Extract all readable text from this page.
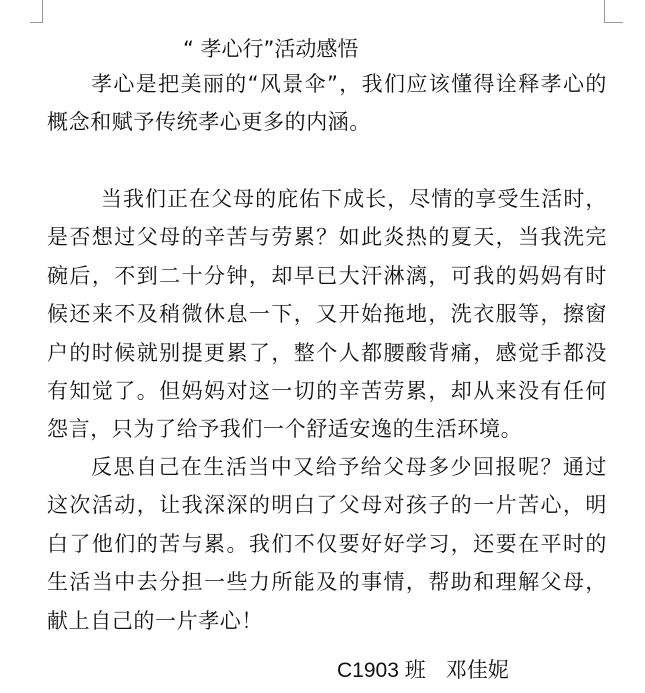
“ 孝心行”活动感悟
孝心是把美丽的“风景伞”，我们应该懂得诠释孝心的概念和赋予传统孝心更多的内涵。
当我们正在父母的庇佑下成长，尽情的享受生活时，是否想过父母的辛苦与劳累？如此炎热的夏天，当我洗完碗后，不到二十分钟，却早已大汗淋漓，可我的妈妈有时候还来不及稍微休息一下，又开始拖地，洗衣服等，擦窗户的时候就别提更累了，整个人都腰酸背痛，感觉手都没有知觉了。但妈妈对这一切的辛苦劳累，却从来没有任何怨言，只为了给予我们一个舒适安逸的生活环境。
反思自己在生活当中又给予给父母多少回报呢？通过这次活动，让我深深的明白了父母对孩子的一片苦心，明白了他们的苦与累。我们不仅要好好学习，还要在平时的生活当中去分担一些力所能及的事情，帮助和理解父母，献上自己的一片孝心！
C1903 班 邓佳妮
